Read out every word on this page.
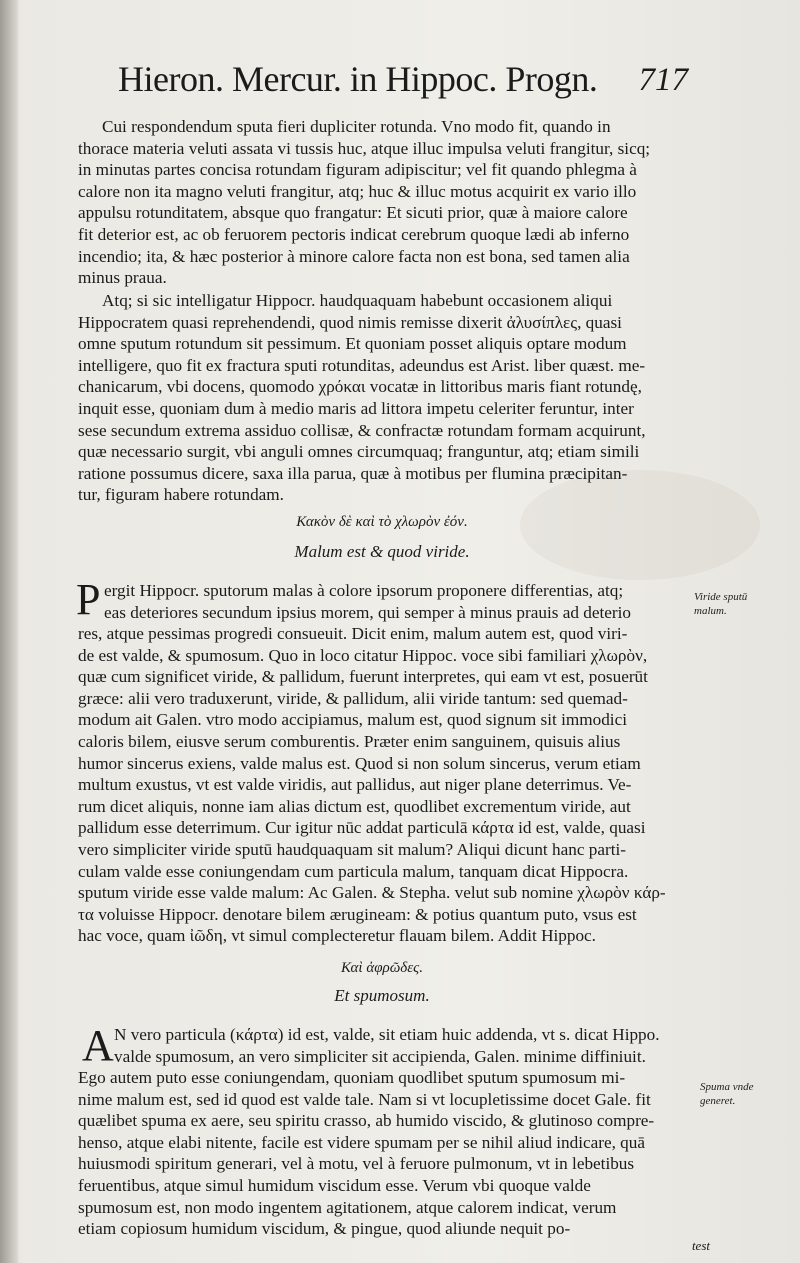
Hieron. Mercur. in Hippoc. Progn. 717

Cui respondendum sputa fieri dupliciter rotunda. Vno modo fit, quando in
thorace materia veluti assata vi tussis huc, atque illuc impulsa veluti frangitur, sicq;
in minutas partes concisa rotundam figuram adipiscitur; vel fit quando phlegma à
calore non ita magno veluti frangitur, atq; huc & illuc motus acquirit ex vario illo
appulsu rotunditatem, absque quo frangatur: Et sicuti prior, quæ à maiore calore
fit deterior est, ac ob feruorem pectoris indicat cerebrum quoque lædi ab inferno
incendio; ita, & hæc posterior à minore calore facta non est bona, sed tamen alia
minus praua.

Atq; si sic intelligatur Hippocr. haudquaquam habebunt occasionem aliqui
Hippocratem quasi reprehendendi, quod nimis remisse dixerit ἀλυσίπλες, quasi
omne sputum rotundum sit pessimum. Et quoniam posset aliquis optare modum
intelligere, quo fit ex fractura sputi rotunditas, adeundus est Arist. liber quæst. me-
chanicarum, vbi docens, quomodo χρόκαι vocatæ in littoribus maris fiant rotundę,
inquit esse, quoniam dum à medio maris ad littora impetu celeriter feruntur, inter
sese secundum extrema assiduo collisæ, & confractæ rotundam formam acquirunt,
quæ necessario surgit, vbi anguli omnes circumquaq; franguntur, atq; etiam simili
ratione possumus dicere, saxa illa parua, quæ à motibus per flumina præcipitan-
tur, figuram habere rotundam.

Κακὸν δὲ καὶ τὸ χλωρὸν ἐόν.
Malum est & quod viride.
P ergit Hippocr. sputorum malas à colore ipsorum proponere differentias, atq;
eas deteriores secundum ipsius morem, qui semper à minus prauis ad deterio
res, atque pessimas progredi consueuit. Dicit enim, malum autem est, quod viri-
de est valde, & spumosum. Quo in loco citatur Hippoc. voce sibi familiari χλωρὸν,
quæ cum significet viride, & pallidum, fuerunt interpretes, qui eam vt est, posuerūt
græce: alii vero traduxerunt, viride, & pallidum, alii viride tantum: sed quemad-
modum ait Galen. vtro modo accipiamus, malum est, quod signum sit immodici
caloris bilem, eiusve serum comburentis. Præter enim sanguinem, quisuis alius
humor sincerus exiens, valde malus est. Quod si non solum sincerus, verum etiam
multum exustus, vt est valde viridis, aut pallidus, aut niger plane deterrimus. Ve-
rum dicet aliquis, nonne iam alias dictum est, quodlibet excrementum viride, aut
pallidum esse deterrimum. Cur igitur nūc addat particulā κάρτα id est, valde, quasi
vero simpliciter viride sputū haudquaquam sit malum? Aliqui dicunt hanc parti-
culam valde esse coniungendam cum particula malum, tanquam dicat Hippocra.
sputum viride esse valde malum: Ac Galen. & Stepha. velut sub nomine χλωρὸν κάρ-
τα voluisse Hippocr. denotare bilem æruginеam: & potius quantum puto, vsus est
hac voce, quam ἰῶδη, vt simul complecteretur flauam bilem. Addit Hippoc.
Viride sputū malum.
Καὶ ἀφρῶδες.
Et spumosum.
A N vero particula (κάρτα) id est, valde, sit etiam huic addenda, vt s. dicat Hippo.
valde spumosum, an vero simpliciter sit accipienda, Galen. minime diffiniuit.
Ego autem puto esse coniungendam, quoniam quodlibet sputum spumosum mi-
nime malum est, sed id quod est valde tale. Nam si vt locupletissime docet Gale. fit
quælibet spuma ex aere, seu spiritu crasso, ab humido viscido, & glutinoso compre-
henso, atque elabi nitente, facile est videre spumam per se nihil aliud indicare, quā
huiusmodi spiritum generari, vel à motu, vel à feruore pulmonum, vt in lebetibus
feruentibus, atque simul humidum viscidum esse. Verum vbi quoque valde
spumosum est, non modo ingentem agitationem, atque calorem indicat, verum
etiam copiosum humidum viscidum, & pingue, quod aliunde nequit po-
Spuma vnde generet.
test
